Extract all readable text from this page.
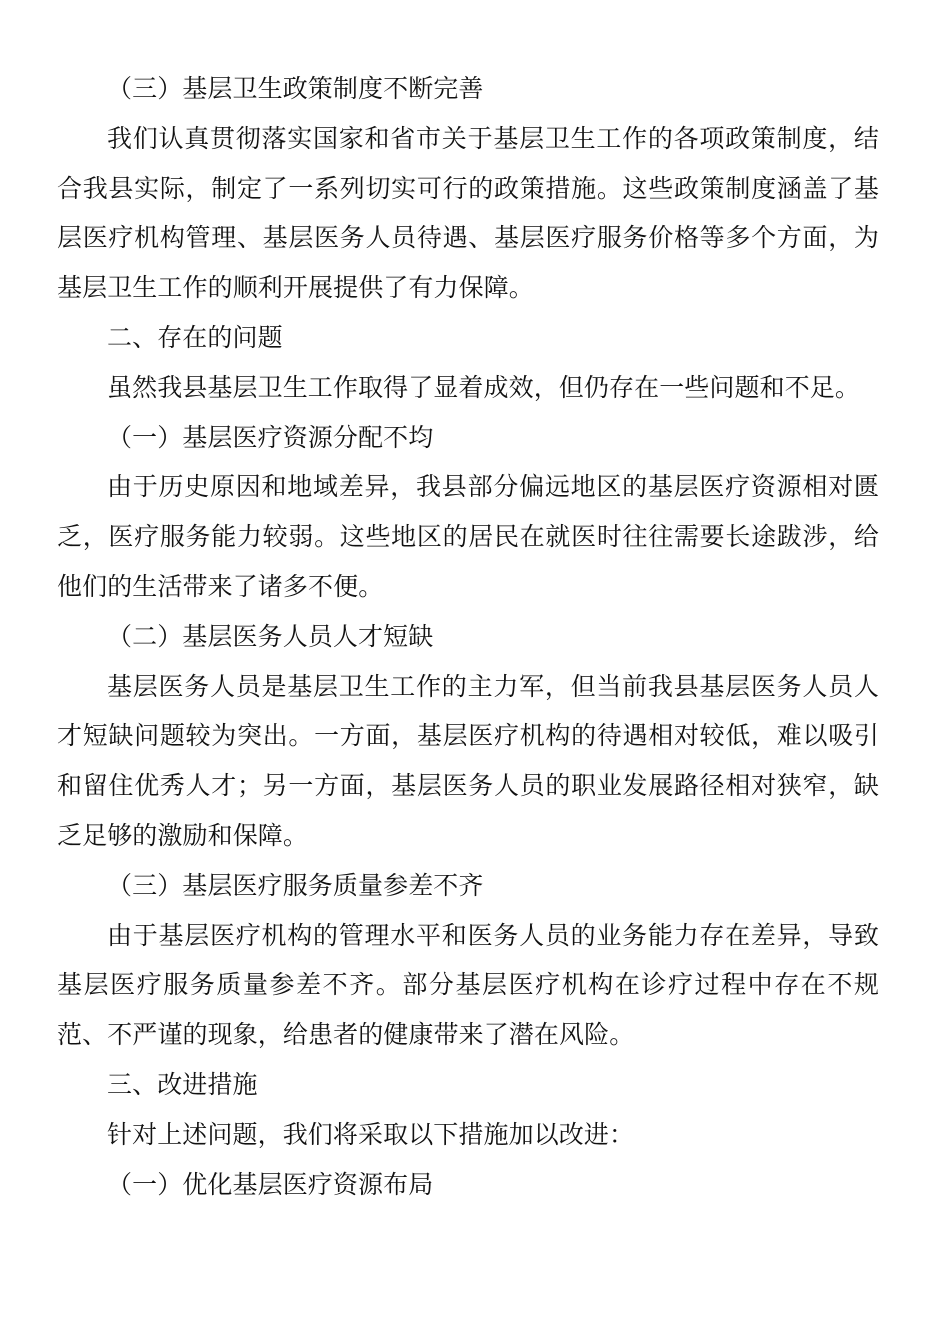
（三）基层卫生政策制度不断完善

我们认真贯彻落实国家和省市关于基层卫生工作的各项政策制度，结合我县实际，制定了一系列切实可行的政策措施。这些政策制度涵盖了基层医疗机构管理、基层医务人员待遇、基层医疗服务价格等多个方面，为基层卫生工作的顺利开展提供了有力保障。

二、存在的问题

虽然我县基层卫生工作取得了显着成效，但仍存在一些问题和不足。

（一）基层医疗资源分配不均

由于历史原因和地域差异，我县部分偏远地区的基层医疗资源相对匮乏，医疗服务能力较弱。这些地区的居民在就医时往往需要长途跋涉，给他们的生活带来了诸多不便。

（二）基层医务人员人才短缺

基层医务人员是基层卫生工作的主力军，但当前我县基层医务人员人才短缺问题较为突出。一方面，基层医疗机构的待遇相对较低，难以吸引和留住优秀人才；另一方面，基层医务人员的职业发展路径相对狭窄，缺乏足够的激励和保障。

（三）基层医疗服务质量参差不齐

由于基层医疗机构的管理水平和医务人员的业务能力存在差异，导致基层医疗服务质量参差不齐。部分基层医疗机构在诊疗过程中存在不规范、不严谨的现象，给患者的健康带来了潜在风险。

三、改进措施

针对上述问题，我们将采取以下措施加以改进：

（一）优化基层医疗资源布局
